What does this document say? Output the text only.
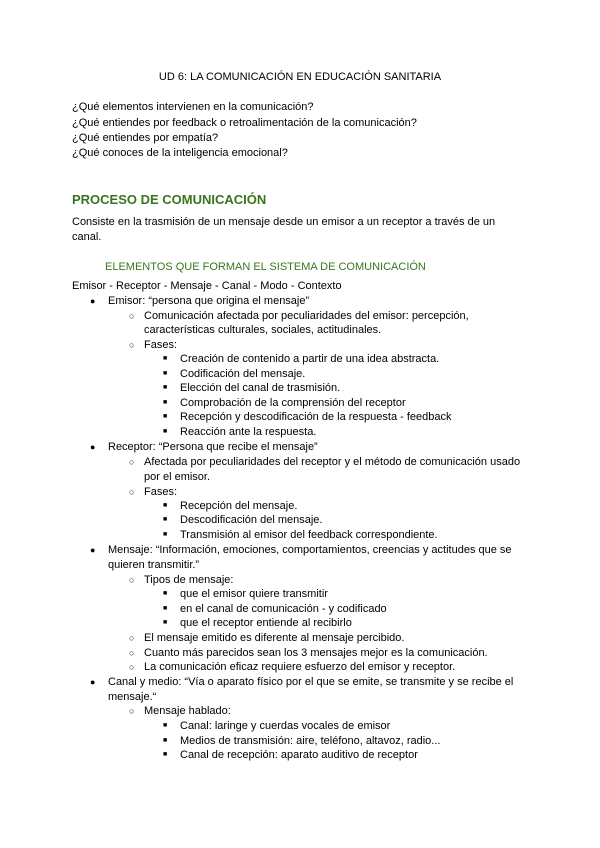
UD 6: LA COMUNICACIÓN EN EDUCACIÓN SANITARIA
¿Qué elementos intervienen en la comunicación?
¿Qué entiendes por feedback o retroalimentación de la comunicación?
¿Qué entiendes por empatía?
¿Qué conoces de la inteligencia emocional?
PROCESO DE COMUNICACIÓN
Consiste en la trasmisión de un mensaje desde un emisor a un receptor a través de un
canal.
ELEMENTOS QUE FORMAN EL SISTEMA DE COMUNICACIÓN
Emisor - Receptor - Mensaje - Canal - Modo - Contexto
● Emisor: “persona que origina el mensaje”
○ Comunicación afectada por peculiaridades del emisor: percepción,
características culturales, sociales, actitudinales.
○ Fases:
■ Creación de contenido a partir de una idea abstracta.
■ Codificación del mensaje.
■ Elección del canal de trasmisión.
■ Comprobación de la comprensión del receptor
■ Recepción y descodificación de la respuesta - feedback
■ Reacción ante la respuesta.
● Receptor: “Persona que recibe el mensaje”
○ Afectada por peculiaridades del receptor y el método de comunicación usado
por el emisor.
○ Fases:
■ Recepción del mensaje.
■ Descodificación del mensaje.
■ Transmisión al emisor del feedback correspondiente.
● Mensaje: “Información, emociones, comportamientos, creencias y actitudes que se
quieren transmitir.”
○ Tipos de mensaje:
■ que el emisor quiere transmitir
■ en el canal de comunicación - y codificado
■ que el receptor entiende al recibirlo
○ El mensaje emitido es diferente al mensaje percibido.
○ Cuanto más parecidos sean los 3 mensajes mejor es la comunicación.
○ La comunicación eficaz requiere esfuerzo del emisor y receptor.
● Canal y medio: “Vía o aparato físico por el que se emite, se transmite y se recibe el
mensaje.“
○ Mensaje hablado:
■ Canal: laringe y cuerdas vocales de emisor
■ Medios de transmisión: aire, teléfono, altavoz, radio...
■ Canal de recepción: aparato auditivo de receptor
